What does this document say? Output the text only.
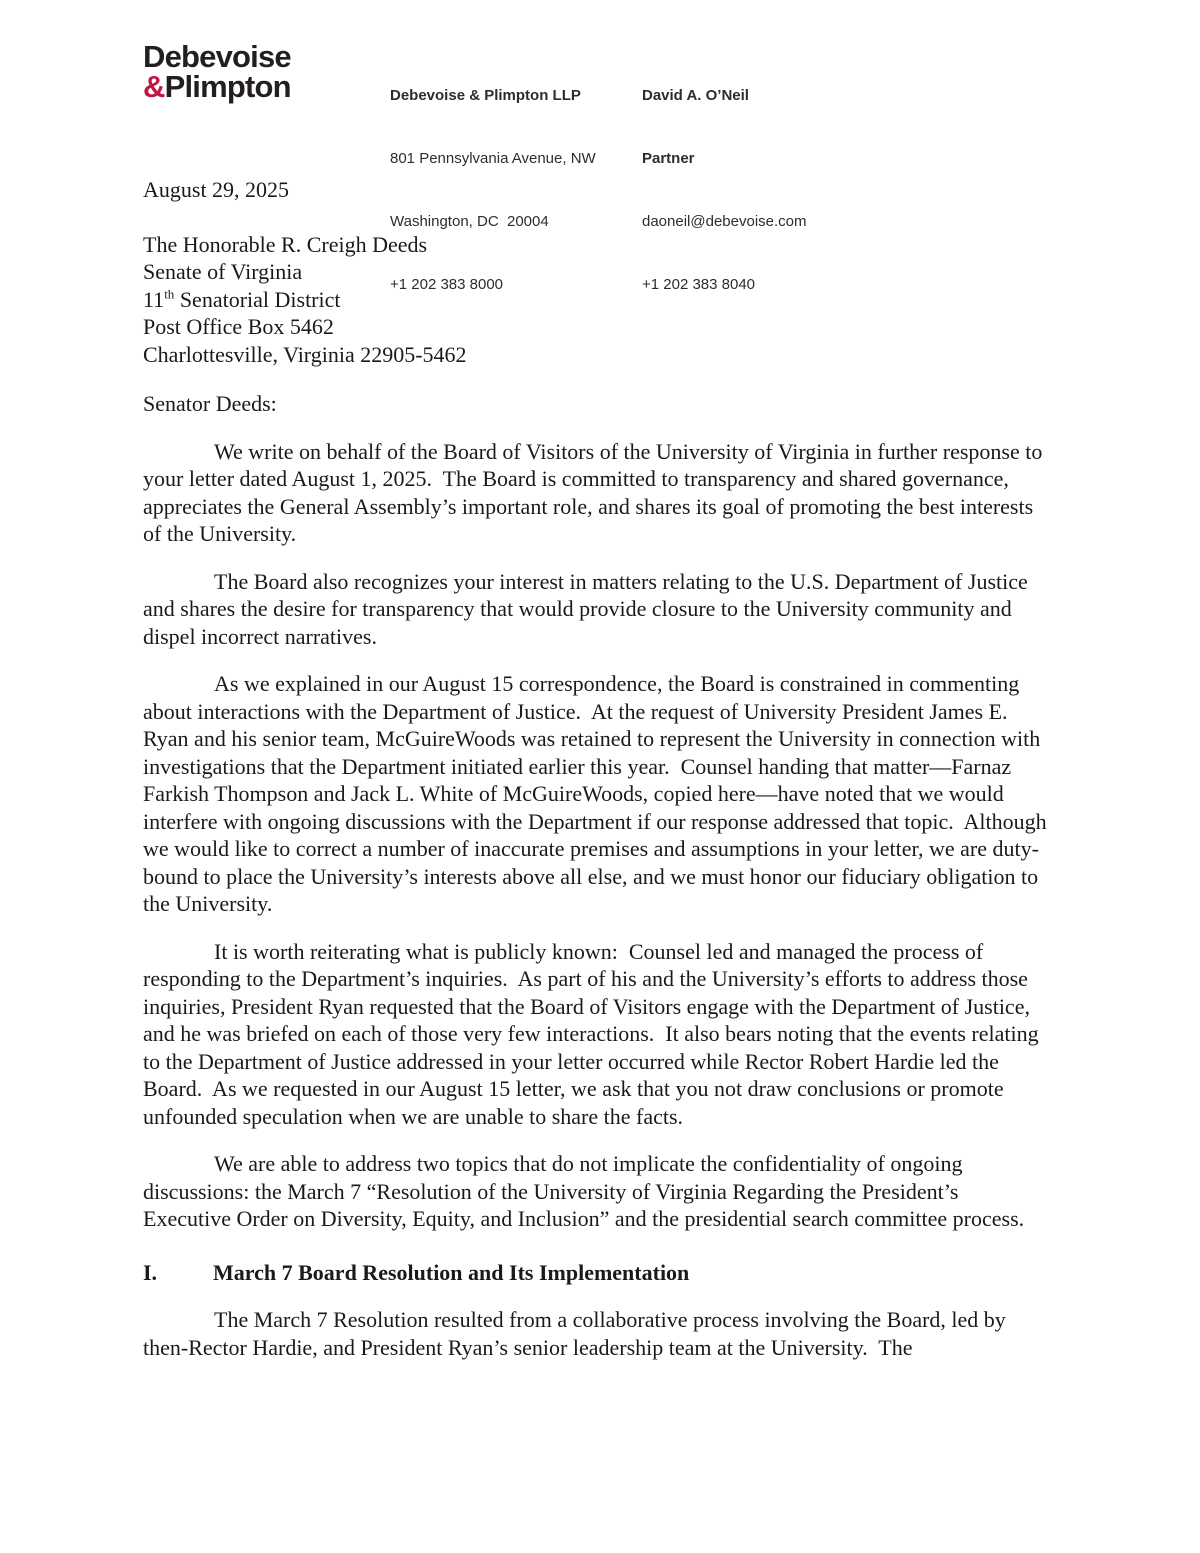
Debevoise
&Plimpton

	Debevoise & Plimpton LLP

801 Pennsylvania Avenue, NW

Washington, DC  20004

+1 202 383 8000

David A. O’Neil

Partner

daoneil@debevoise.com

+1 202 383 8040

August 29, 2025
The Honorable R. Creigh Deeds
Senate of Virginia
11th Senatorial District
Post Office Box 5462
Charlottesville, Virginia 22905-5462
Senator Deeds:

We write on behalf of the Board of Visitors of the University of Virginia in further response to your letter dated August 1, 2025.  The Board is committed to transparency and shared governance, appreciates the General Assembly’s important role, and shares its goal of promoting the best interests of the University.

The Board also recognizes your interest in matters relating to the U.S. Department of Justice and shares the desire for transparency that would provide closure to the University community and dispel incorrect narratives.

As we explained in our August 15 correspondence, the Board is constrained in commenting about interactions with the Department of Justice.  At the request of University President James E. Ryan and his senior team, McGuireWoods was retained to represent the University in connection with investigations that the Department initiated earlier this year.  Counsel handing that matter—Farnaz Farkish Thompson and Jack L. White of McGuireWoods, copied here—have noted that we would interfere with ongoing discussions with the Department if our response addressed that topic.  Although we would like to correct a number of inaccurate premises and assumptions in your letter, we are duty-bound to place the University’s interests above all else, and we must honor our fiduciary obligation to the University.

It is worth reiterating what is publicly known:  Counsel led and managed the process of responding to the Department’s inquiries.  As part of his and the University’s efforts to address those inquiries, President Ryan requested that the Board of Visitors engage with the Department of Justice, and he was briefed on each of those very few interactions.  It also bears noting that the events relating to the Department of Justice addressed in your letter occurred while Rector Robert Hardie led the Board.  As we requested in our August 15 letter, we ask that you not draw conclusions or promote unfounded speculation when we are unable to share the facts.

We are able to address two topics that do not implicate the confidentiality of ongoing discussions: the March 7 “Resolution of the University of Virginia Regarding the President’s Executive Order on Diversity, Equity, and Inclusion” and the presidential search committee process.

I.	March 7 Board Resolution and Its Implementation

The March 7 Resolution resulted from a collaborative process involving the Board, led by then-Rector Hardie, and President Ryan’s senior leadership team at the University.  The
